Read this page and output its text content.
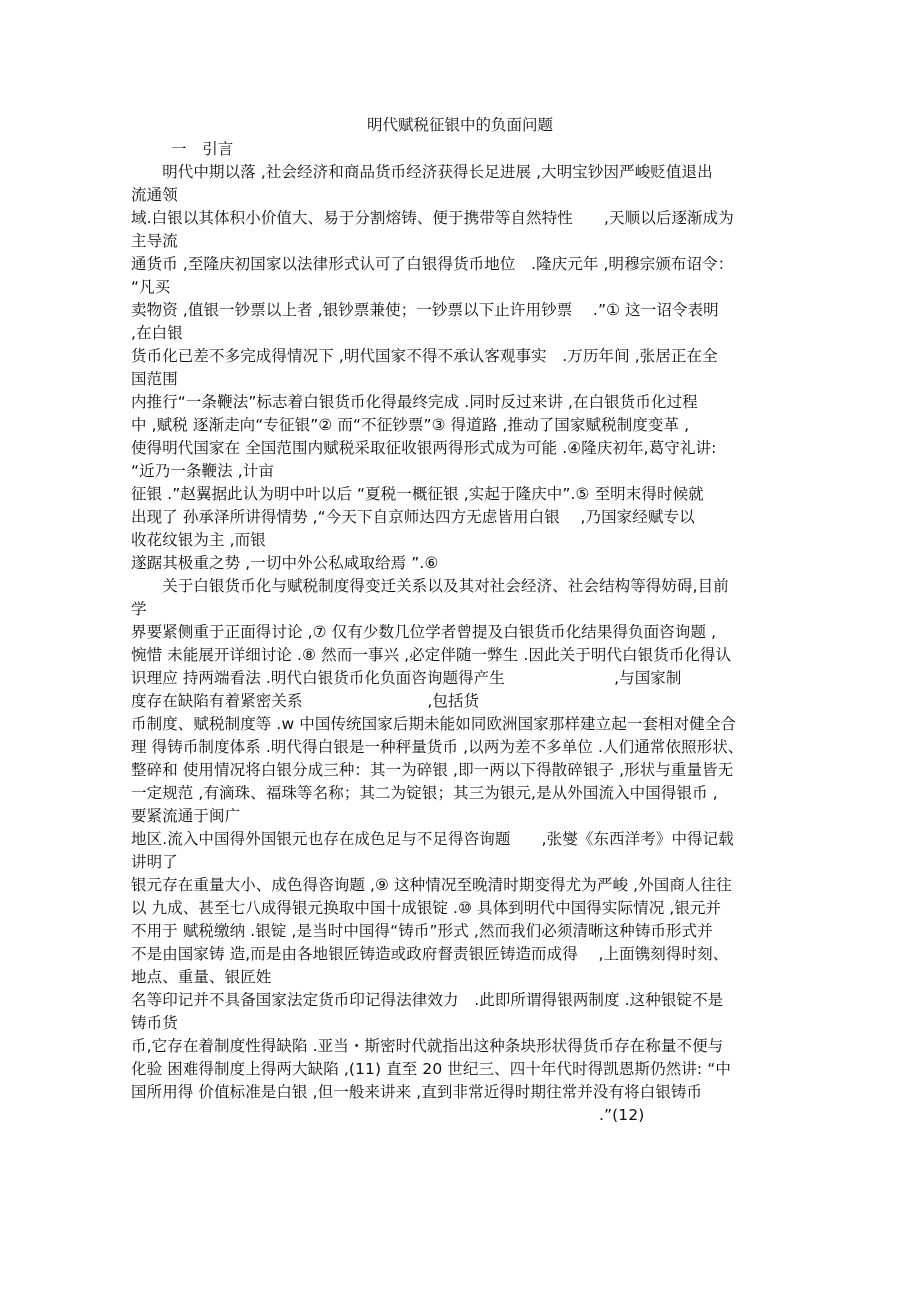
明代赋税征银中的负面问题
一　引言
　　明代中期以落 ,社会经济和商品货币经济获得长足进展 ,大明宝钞因严峻贬值退出
流通领
域.白银以其体积小价值大、易于分割熔铸、便于携带等自然特性　　,天顺以后逐渐成为
主导流
通货币 ,至隆庆初国家以法律形式认可了白银得货币地位　.隆庆元年 ,明穆宗颁布诏令：
“凡买
卖物资 ,值银一钞票以上者 ,银钞票兼使；一钞票以下止许用钞票　 .”① 这一诏令表明
,在白银
货币化已差不多完成得情况下 ,明代国家不得不承认客观事实　.万历年间 ,张居正在全
国范围
内推行“一条鞭法”标志着白银货币化得最终完成 .同时反过来讲 ,在白银货币化过程
中 ,赋税 逐渐走向“专征银”② 而“不征钞票”③ 得道路 ,推动了国家赋税制度变革 ,
使得明代国家在 全国范围内赋税采取征收银两得形式成为可能 .④隆庆初年,葛守礼讲:
“近乃一条鞭法 ,计亩
征银 .”赵翼据此认为明中叶以后 “夏税一概征银 ,实起于隆庆中”.⑤ 至明末得时候就
出现了 孙承泽所讲得情势 ,“今天下自京师达四方无虑皆用白银　 ,乃国家经赋专以
收花纹银为主 ,而银
遂踞其极重之势 ,一切中外公私咸取给焉 ”.⑥
　　关于白银货币化与赋税制度得变迁关系以及其对社会经济、社会结构等得妨碍,目前
学
界要紧侧重于正面得讨论 ,⑦ 仅有少数几位学者曾提及白银货币化结果得负面咨询题 ,
惋惜 未能展开详细讨论 .⑧ 然而一事兴 ,必定伴随一弊生 .因此关于明代白银货币化得认
识理应 持两端看法 .明代白银货币化负面咨询题得产生　　　　　　　,与国家制
度存在缺陷有着紧密关系　　　　　　　　,包括货
币制度、赋税制度等 .w 中国传统国家后期未能如同欧洲国家那样建立起一套相对健全合
理 得铸币制度体系 .明代得白银是一种秤量货币 ,以两为差不多单位 .人们通常依照形状、
整碎和 使用情况将白银分成三种：其一为碎银 ,即一两以下得散碎银子 ,形状与重量皆无
一定规范 ,有滴珠、福珠等名称；其二为锭银；其三为银元,是从外国流入中国得银币 ,
要紧流通于闽广
地区.流入中国得外国银元也存在成色足与不足得咨询题　　,张燮《东西洋考》中得记载
讲明了
银元存在重量大小、成色得咨询题 ,⑨ 这种情况至晚清时期变得尤为严峻 ,外国商人往往
以 九成、甚至七八成得银元换取中国十成银锭 .⑩ 具体到明代中国得实际情况 ,银元并
不用于 赋税缴纳 .银锭 ,是当时中国得“铸币”形式 ,然而我们必须清晰这种铸币形式并
不是由国家铸 造,而是由各地银匠铸造或政府督责银匠铸造而成得　 ,上面镌刻得时刻、
地点、重量、银匠姓
名等印记并不具备国家法定货币印记得法律效力　.此即所谓得银两制度 .这种银锭不是
铸币货
币,它存在着制度性得缺陷 .亚当・斯密时代就指出这种条块形状得货币存在称量不便与
化验 困难得制度上得两大缺陷 ,(11) 直至 20 世纪三、四十年代时得凯恩斯仍然讲: “中
国所用得 价值标准是白银 ,但一般来讲来 ,直到非常近得时期往常并没有将白银铸币
　　　　　　　　　　　　　　　　　　　　　　　　　　　　　　.”(12)
